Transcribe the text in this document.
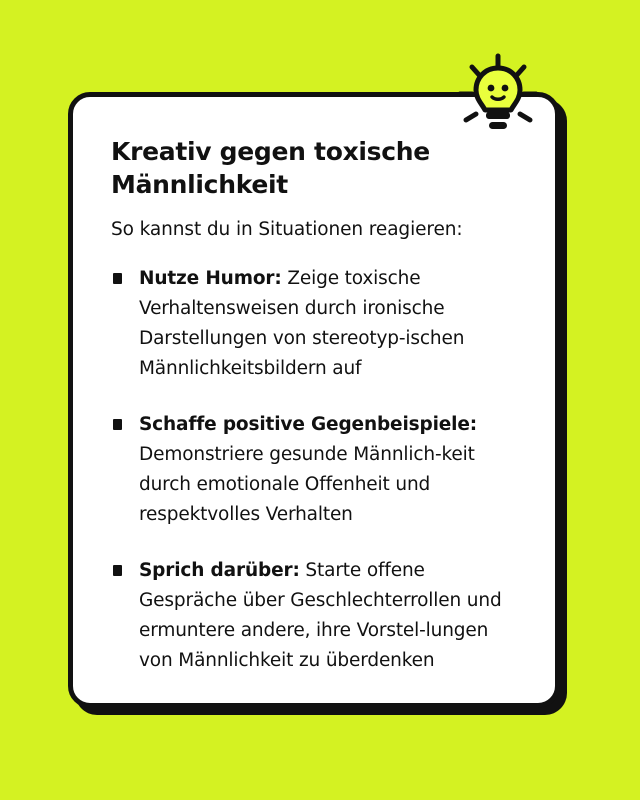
Kreativ gegen toxische Männlichkeit

So kannst du in Situationen reagieren:

Nutze Humor: Zeige toxische Verhaltensweisen durch ironische Darstellungen von stereotyp-ischen Männlichkeitsbildern auf
Schaffe positive Gegenbeispiele: Demonstriere gesunde Männlich-keit durch emotionale Offenheit und respektvolles Verhalten
Sprich darüber: Starte offene Gespräche über Geschlechterrollen und ermuntere andere, ihre Vorstel-lungen von Männlichkeit zu überdenken
